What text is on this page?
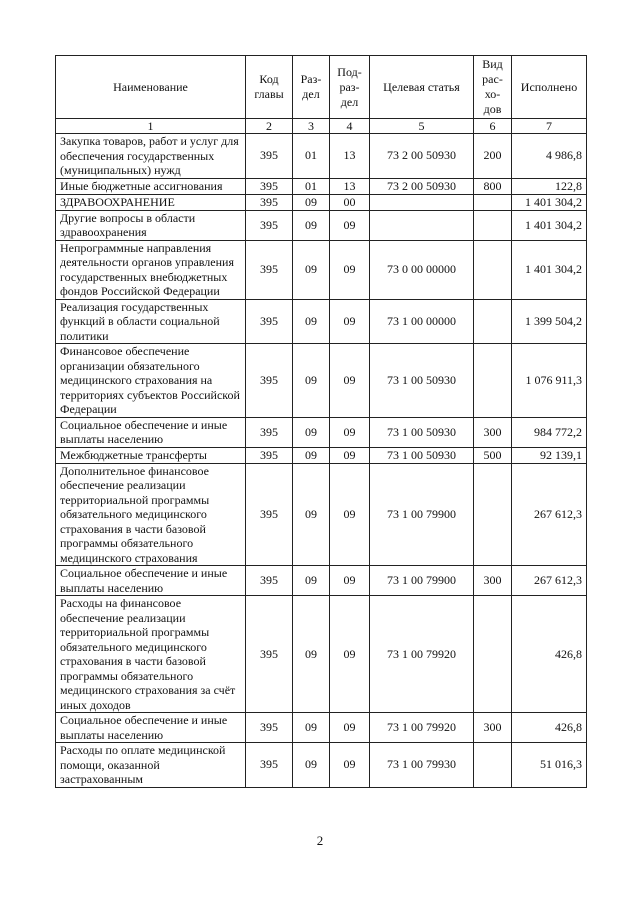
Наименование	Код главы	Раз- дел	Под- раз- дел	Целевая статья	Вид рас- хо- дов	Исполнено
1	2	3	4	5	6	7
Закупка товаров, работ и услуг для обеспечения государственных (муниципальных) нужд	395	01	13	73 2 00 50930	200	4 986,8
Иные бюджетные ассигнования	395	01	13	73 2 00 50930	800	122,8
ЗДРАВООХРАНЕНИЕ	395	09	00			1 401 304,2
Другие вопросы в области здравоохранения	395	09	09			1 401 304,2
Непрограммные направления деятельности органов управления государственных внебюджетных фондов Российской Федерации	395	09	09	73 0 00 00000		1 401 304,2
Реализация государственных функций в области социальной политики	395	09	09	73 1 00 00000		1 399 504,2
Финансовое обеспечение организации обязательного медицинского страхования на территориях субъектов Российской Федерации	395	09	09	73 1 00 50930		1 076 911,3
Социальное обеспечение и иные выплаты населению	395	09	09	73 1 00 50930	300	984 772,2
Межбюджетные трансферты	395	09	09	73 1 00 50930	500	92 139,1
Дополнительное финансовое обеспечение реализации территориальной программы обязательного медицинского страхования в части базовой программы обязательного медицинского страхования	395	09	09	73 1 00 79900		267 612,3
Социальное обеспечение и иные выплаты населению	395	09	09	73 1 00 79900	300	267 612,3
Расходы на финансовое обеспечение реализации территориальной программы обязательного медицинского страхования в части базовой программы обязательного медицинского страхования за счёт иных доходов	395	09	09	73 1 00 79920		426,8
Социальное обеспечение и иные выплаты населению	395	09	09	73 1 00 79920	300	426,8
Расходы по оплате медицинской помощи, оказанной застрахованным	395	09	09	73 1 00 79930		51 016,3
2
